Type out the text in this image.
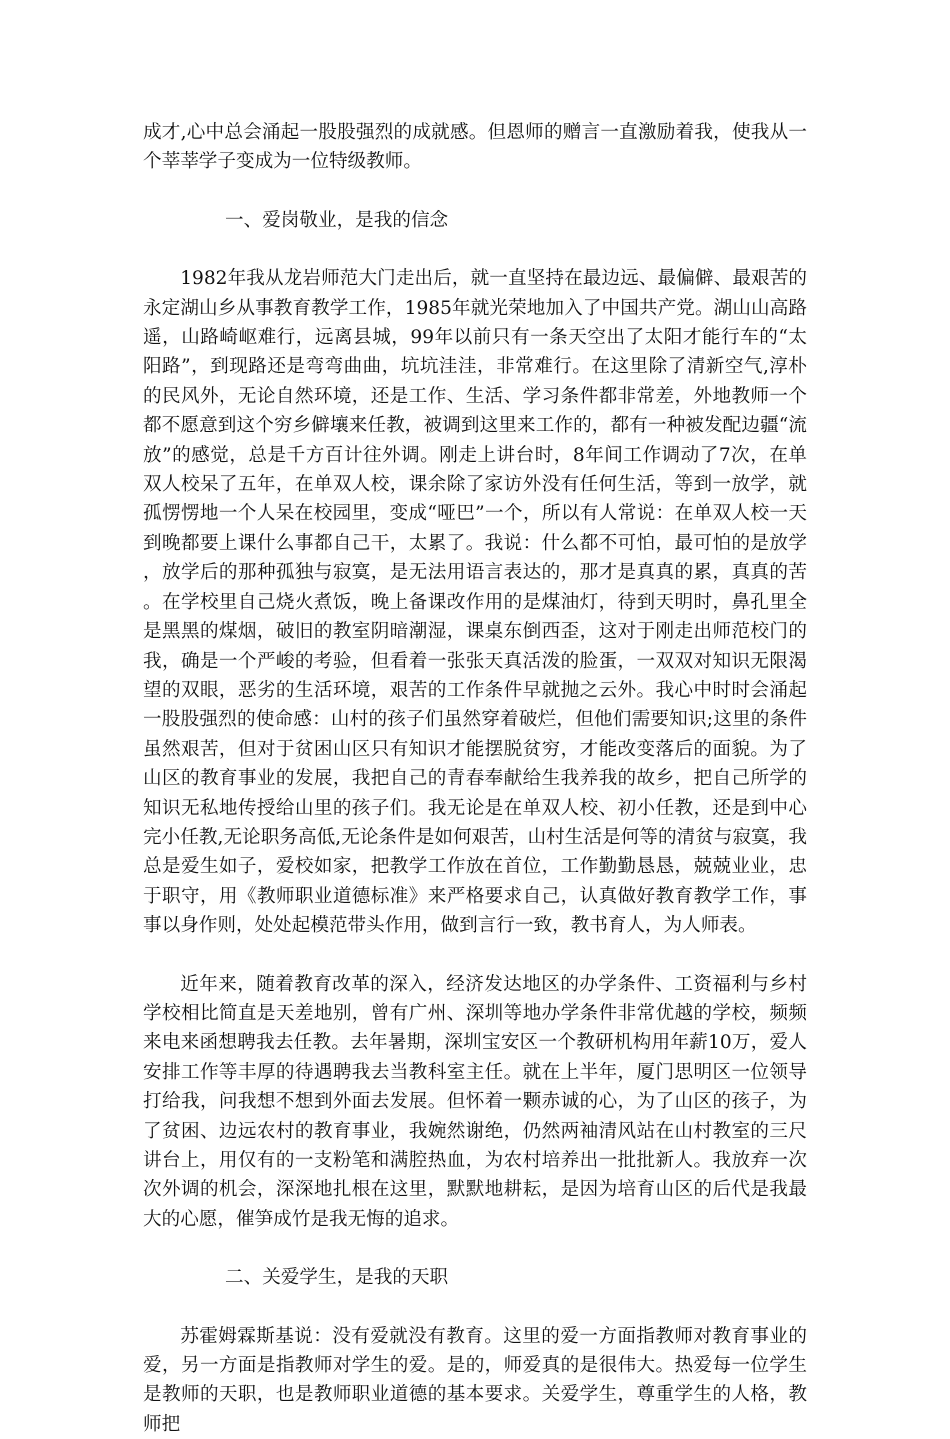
成才,心中总会涌起一股股强烈的成就感。但恩师的赠言一直激励着我，使我从一个莘莘学子变成为一位特级教师。

一、爱岗敬业，是我的信念

1982年我从龙岩师范大门走出后，就一直坚持在最边远、最偏僻、最艰苦的永定湖山乡从事教育教学工作，1985年就光荣地加入了中国共产党。湖山山高路遥，山路崎岖难行，远离县城，99年以前只有一条天空出了太阳才能行车的“太阳路”，到现路还是弯弯曲曲，坑坑洼洼，非常难行。在这里除了清新空气,淳朴的民风外，无论自然环境，还是工作、生活、学习条件都非常差，外地教师一个都不愿意到这个穷乡僻壤来任教，被调到这里来工作的，都有一种被发配边疆“流放”的感觉，总是千方百计往外调。刚走上讲台时，8年间工作调动了7次，在单双人校呆了五年，在单双人校，课余除了家访外没有任何生活，等到一放学，就孤愣愣地一个人呆在校园里，变成“哑巴”一个，所以有人常说：在单双人校一天到晚都要上课什么事都自己干，太累了。我说：什么都不可怕，最可怕的是放学，放学后的那种孤独与寂寞，是无法用语言表达的，那才是真真的累，真真的苦。在学校里自己烧火煮饭，晚上备课改作用的是煤油灯，待到天明时，鼻孔里全是黑黑的煤烟，破旧的教室阴暗潮湿，课桌东倒西歪，这对于刚走出师范校门的我，确是一个严峻的考验，但看着一张张天真活泼的脸蛋，一双双对知识无限渴望的双眼，恶劣的生活环境，艰苦的工作条件早就抛之云外。我心中时时会涌起一股股强烈的使命感：山村的孩子们虽然穿着破烂，但他们需要知识;这里的条件虽然艰苦，但对于贫困山区只有知识才能摆脱贫穷，才能改变落后的面貌。为了山区的教育事业的发展，我把自己的青春奉献给生我养我的故乡，把自己所学的知识无私地传授给山里的孩子们。我无论是在单双人校、初小任教，还是到中心完小任教,无论职务高低,无论条件是如何艰苦，山村生活是何等的清贫与寂寞，我总是爱生如子，爱校如家，把教学工作放在首位，工作勤勤恳恳，兢兢业业，忠于职守，用《教师职业道德标准》来严格要求自己，认真做好教育教学工作，事事以身作则，处处起模范带头作用，做到言行一致，教书育人，为人师表。

近年来，随着教育改革的深入，经济发达地区的办学条件、工资福利与乡村学校相比简直是天差地别，曾有广州、深圳等地办学条件非常优越的学校，频频来电来函想聘我去任教。去年暑期，深圳宝安区一个教研机构用年薪10万，爱人安排工作等丰厚的待遇聘我去当教科室主任。就在上半年，厦门思明区一位领导打给我，问我想不想到外面去发展。但怀着一颗赤诚的心，为了山区的孩子，为了贫困、边远农村的教育事业，我婉然谢绝，仍然两袖清风站在山村教室的三尺讲台上，用仅有的一支粉笔和满腔热血，为农村培养出一批批新人。我放弃一次次外调的机会，深深地扎根在这里，默默地耕耘，是因为培育山区的后代是我最大的心愿，催笋成竹是我无悔的追求。

二、关爱学生，是我的天职

苏霍姆霖斯基说：没有爱就没有教育。这里的爱一方面指教师对教育事业的爱，另一方面是指教师对学生的爱。是的，师爱真的是很伟大。热爱每一位学生是教师的天职，也是教师职业道德的基本要求。关爱学生，尊重学生的人格，教师把
